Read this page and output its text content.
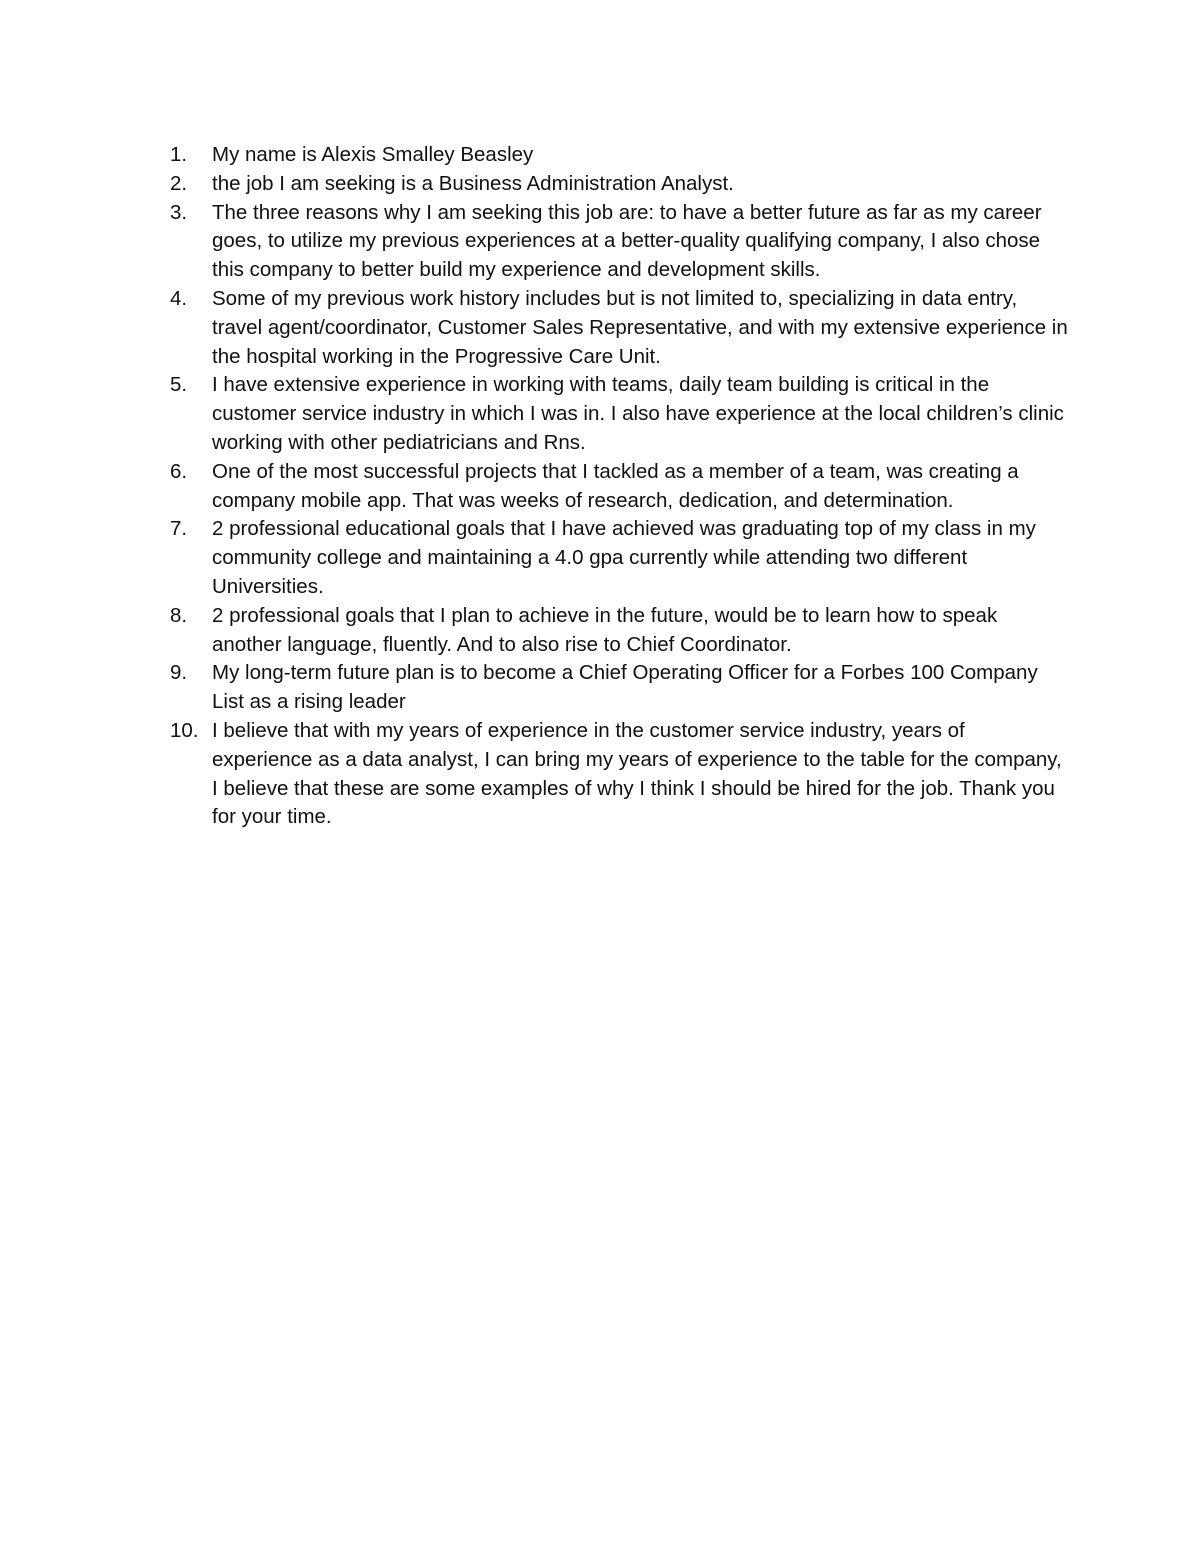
1.	My name is Alexis Smalley Beasley
2.	the job I am seeking is a Business Administration Analyst.
3.	The three reasons why I am seeking this job are: to have a better future as far as my career goes, to utilize my previous experiences at a better-quality qualifying company, I also chose this company to better build my experience and development skills.
4.	Some of my previous work history includes but is not limited to, specializing in data entry, travel agent/coordinator, Customer Sales Representative, and with my extensive experience in the hospital working in the Progressive Care Unit.
5.	I have extensive experience in working with teams, daily team building is critical in the customer service industry in which I was in. I also have experience at the local children’s clinic working with other pediatricians and Rns.
6.	One of the most successful projects that I tackled as a member of a team, was creating a company mobile app. That was weeks of research, dedication, and determination.
7.	2 professional educational goals that I have achieved was graduating top of my class in my community college and maintaining a 4.0 gpa currently while attending two different Universities.
8.	2 professional goals that I plan to achieve in the future, would be to learn how to speak another language, fluently. And to also rise to Chief Coordinator.
9.	My long-term future plan is to become a Chief Operating Officer for a Forbes 100 Company List as a rising leader
10. I believe that with my years of experience in the customer service industry, years of experience as a data analyst, I can bring my years of experience to the table for the company, I believe that these are some examples of why I think I should be hired for the job. Thank you for your time.
